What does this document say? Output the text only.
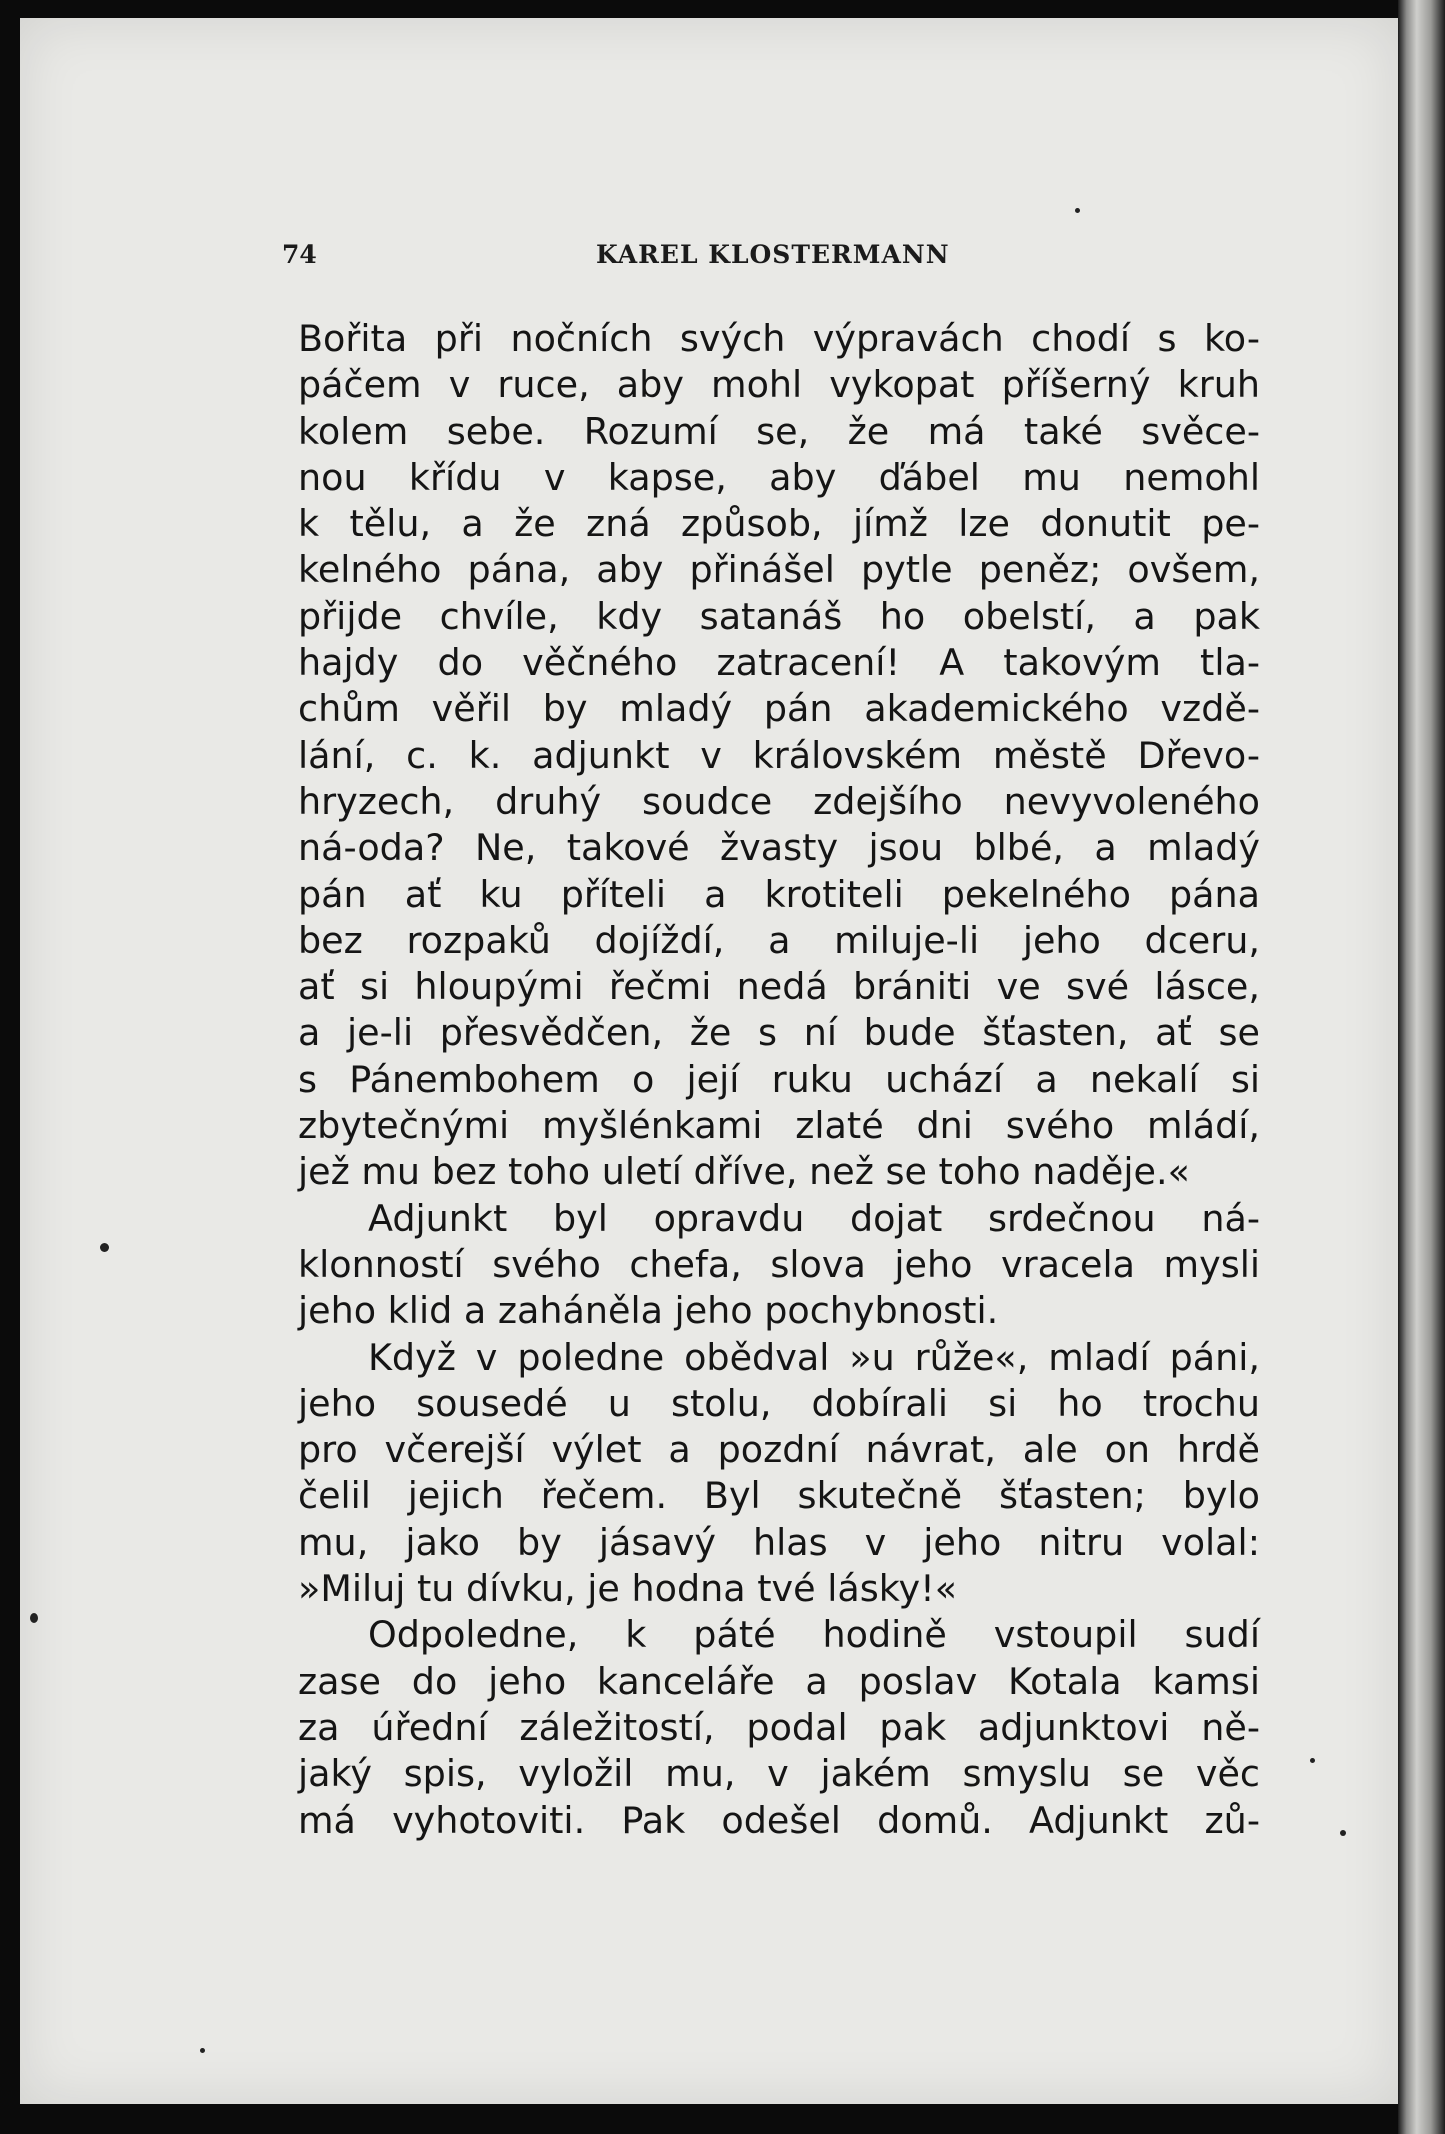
74	KAREL KLOSTERMANN
Bořita při nočních svých výpravách chodí s ko-
páčem v ruce, aby mohl vykopat příšerný kruh
kolem sebe. Rozumí se, že má také svěce-
nou křídu v kapse, aby ďábel mu nemohl
k tělu, a že zná způsob, jímž lze donutit pe-
kelného pána, aby přinášel pytle peněz; ovšem,
přijde chvíle, kdy satanáš ho obelstí, a pak
hajdy do věčného zatracení! A takovým tla-
chům věřil by mladý pán akademického vzdě-
lání, c. k. adjunkt v královském městě Dřevo-
hryzech, druhý soudce zdejšího nevyvoleného
ná-oda? Ne, takové žvasty jsou blbé, a mladý
pán ať ku příteli a krotiteli pekelného pána
bez rozpaků dojíždí, a miluje-li jeho dceru,
ať si hloupými řečmi nedá brániti ve své lásce,
a je-li přesvědčen, že s ní bude šťasten, ať se
s Pánembohem o její ruku uchází a nekalí si
zbytečnými myšlénkami zlaté dni svého mládí,
jež mu bez toho uletí dříve, než se toho naděje.«
Adjunkt byl opravdu dojat srdečnou ná-
klonností svého chefa, slova jeho vracela mysli
jeho klid a zaháněla jeho pochybnosti.
Když v poledne obědval »u růže«, mladí páni,
jeho sousedé u stolu, dobírali si ho trochu
pro včerejší výlet a pozdní návrat, ale on hrdě
čelil jejich řečem. Byl skutečně šťasten; bylo
mu, jako by jásavý hlas v jeho nitru volal:
»Miluj tu dívku, je hodna tvé lásky!«
Odpoledne, k páté hodině vstoupil sudí
zase do jeho kanceláře a poslav Kotala kamsi
za úřední záležitostí, podal pak adjunktovi ně-
jaký spis, vyložil mu, v jakém smyslu se věc
má vyhotoviti. Pak odešel domů. Adjunkt zů-
